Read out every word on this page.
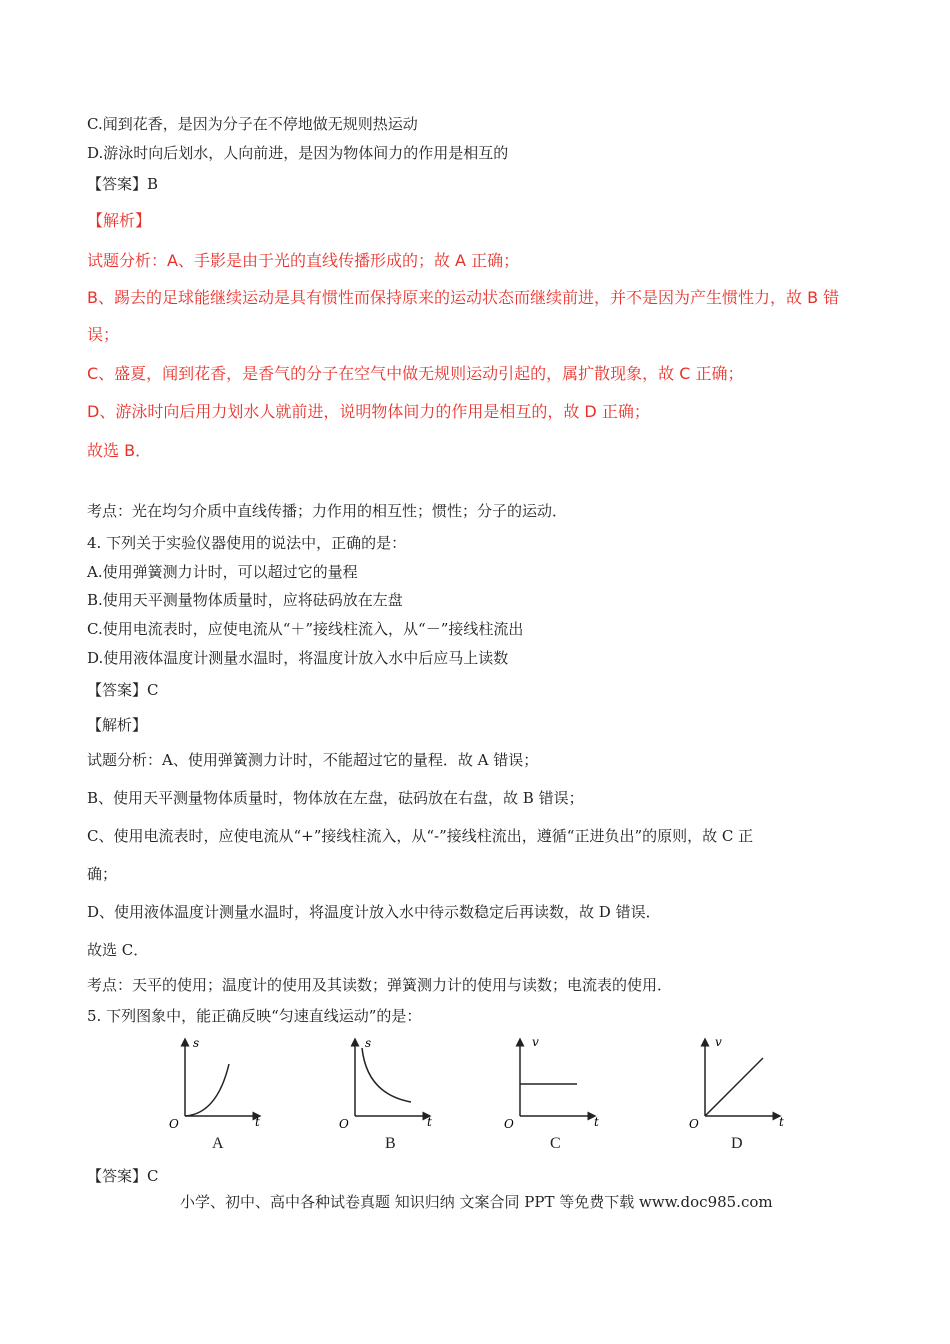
C.闻到花香，是因为分子在不停地做无规则热运动
D.游泳时向后划水，人向前进，是因为物体间力的作用是相互的
【答案】B
【解析】
试题分析：A、手影是由于光的直线传播形成的；故 A 正确；
B、踢去的足球能继续运动是具有惯性而保持原来的运动状态而继续前进，并不是因为产生惯性力，故 B 错
误；
C、盛夏，闻到花香，是香气的分子在空气中做无规则运动引起的，属扩散现象，故 C 正确；
D、游泳时向后用力划水人就前进，说明物体间力的作用是相互的，故 D 正确；
故选 B．
考点：光在均匀介质中直线传播；力作用的相互性；惯性；分子的运动．
4. 下列关于实验仪器使用的说法中，正确的是：
A.使用弹簧测力计时，可以超过它的量程
B.使用天平测量物体质量时，应将砝码放在左盘
C.使用电流表时，应使电流从“＋”接线柱流入，从“－”接线柱流出
D.使用液体温度计测量水温时，将温度计放入水中后应马上读数
【答案】C
【解析】
试题分析：A、使用弹簧测力计时，不能超过它的量程．故 A 错误；
B、使用天平测量物体质量时，物体放在左盘，砝码放在右盘，故 B 错误；
C、使用电流表时，应使电流从“+”接线柱流入，从“-”接线柱流出，遵循“正进负出”的原则，故 C 正
确；
D、使用液体温度计测量水温时，将温度计放入水中待示数稳定后再读数，故 D 错误．
故选 C．
考点：天平的使用；温度计的使用及其读数；弹簧测力计的使用与读数；电流表的使用．
5. 下列图象中，能正确反映“匀速直线运动”的是：
s
t
O
A
s
t
O
B
v
t
O
C
v
t
O
D
【答案】C
小学、初中、高中各种试卷真题 知识归纳 文案合同 PPT 等免费下载 www.doc985.com
